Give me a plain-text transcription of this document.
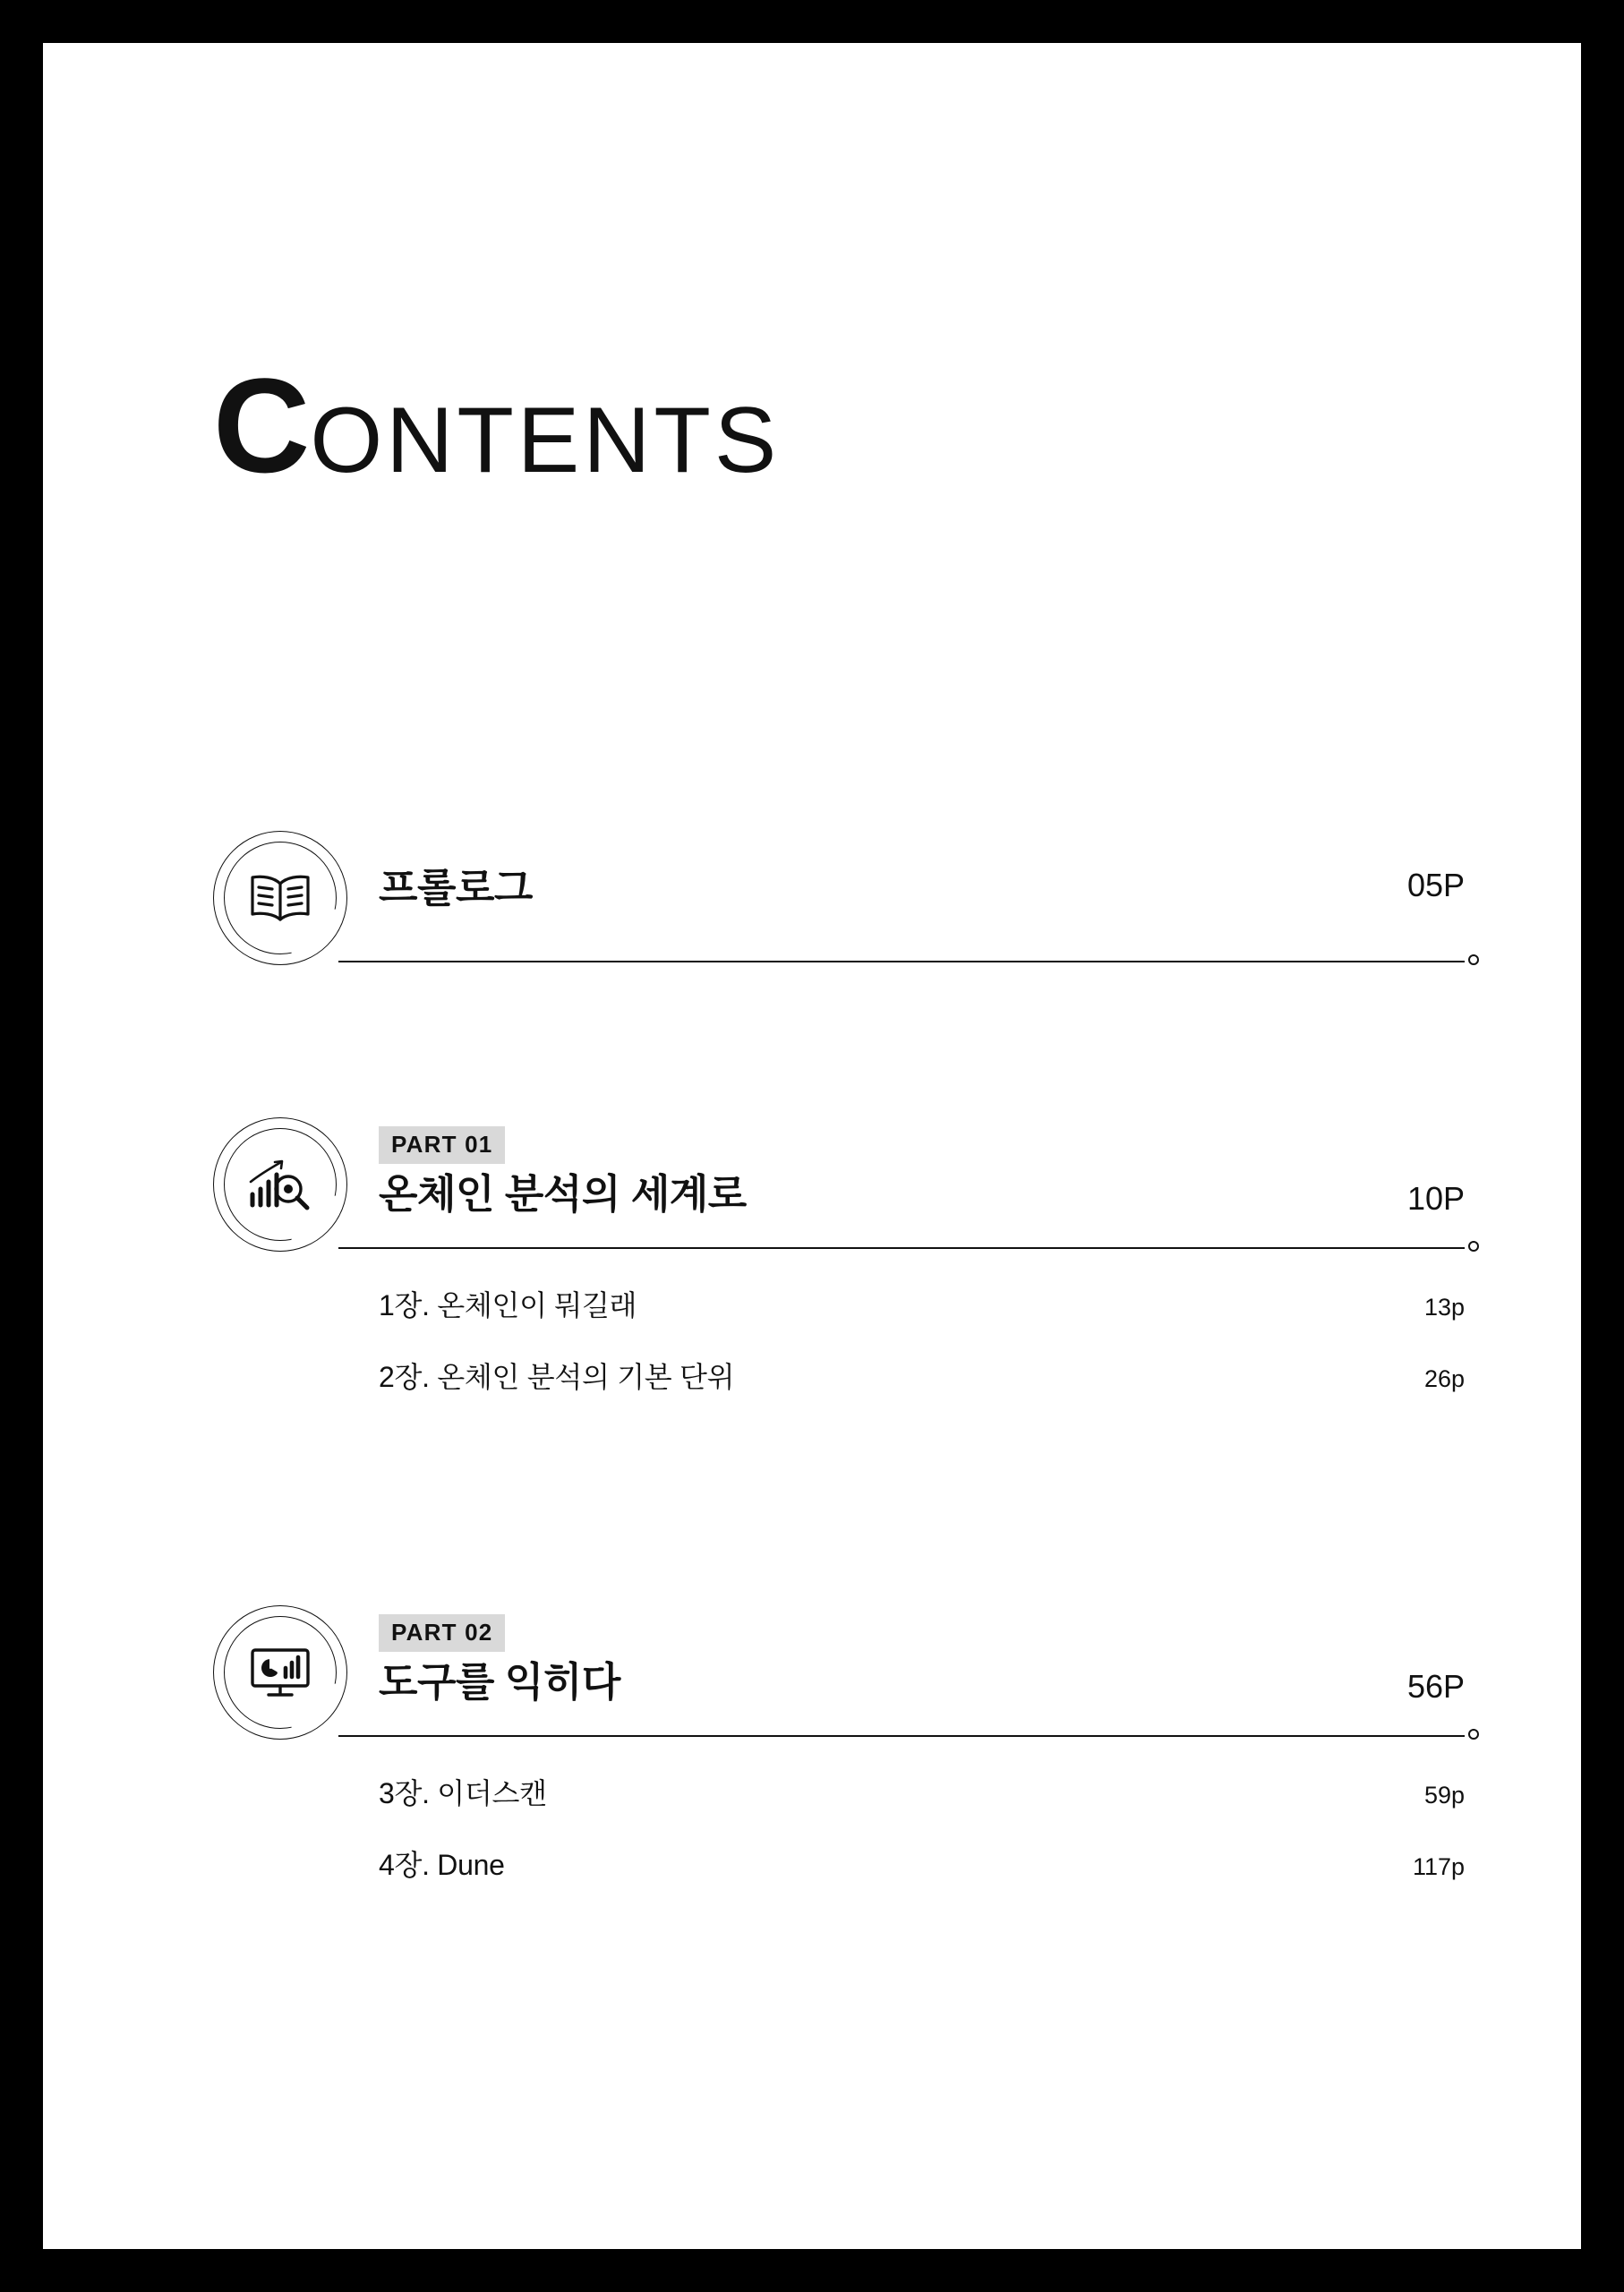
C ONTENTS
프롤로그	05P
PART 01
온체인 분석의 세계로	10P
1장. 온체인이 뭐길래	13p
2장. 온체인 분석의 기본 단위	26p
PART 02
도구를 익히다	56P
3장. 이더스캔	59p
4장. Dune	117p
